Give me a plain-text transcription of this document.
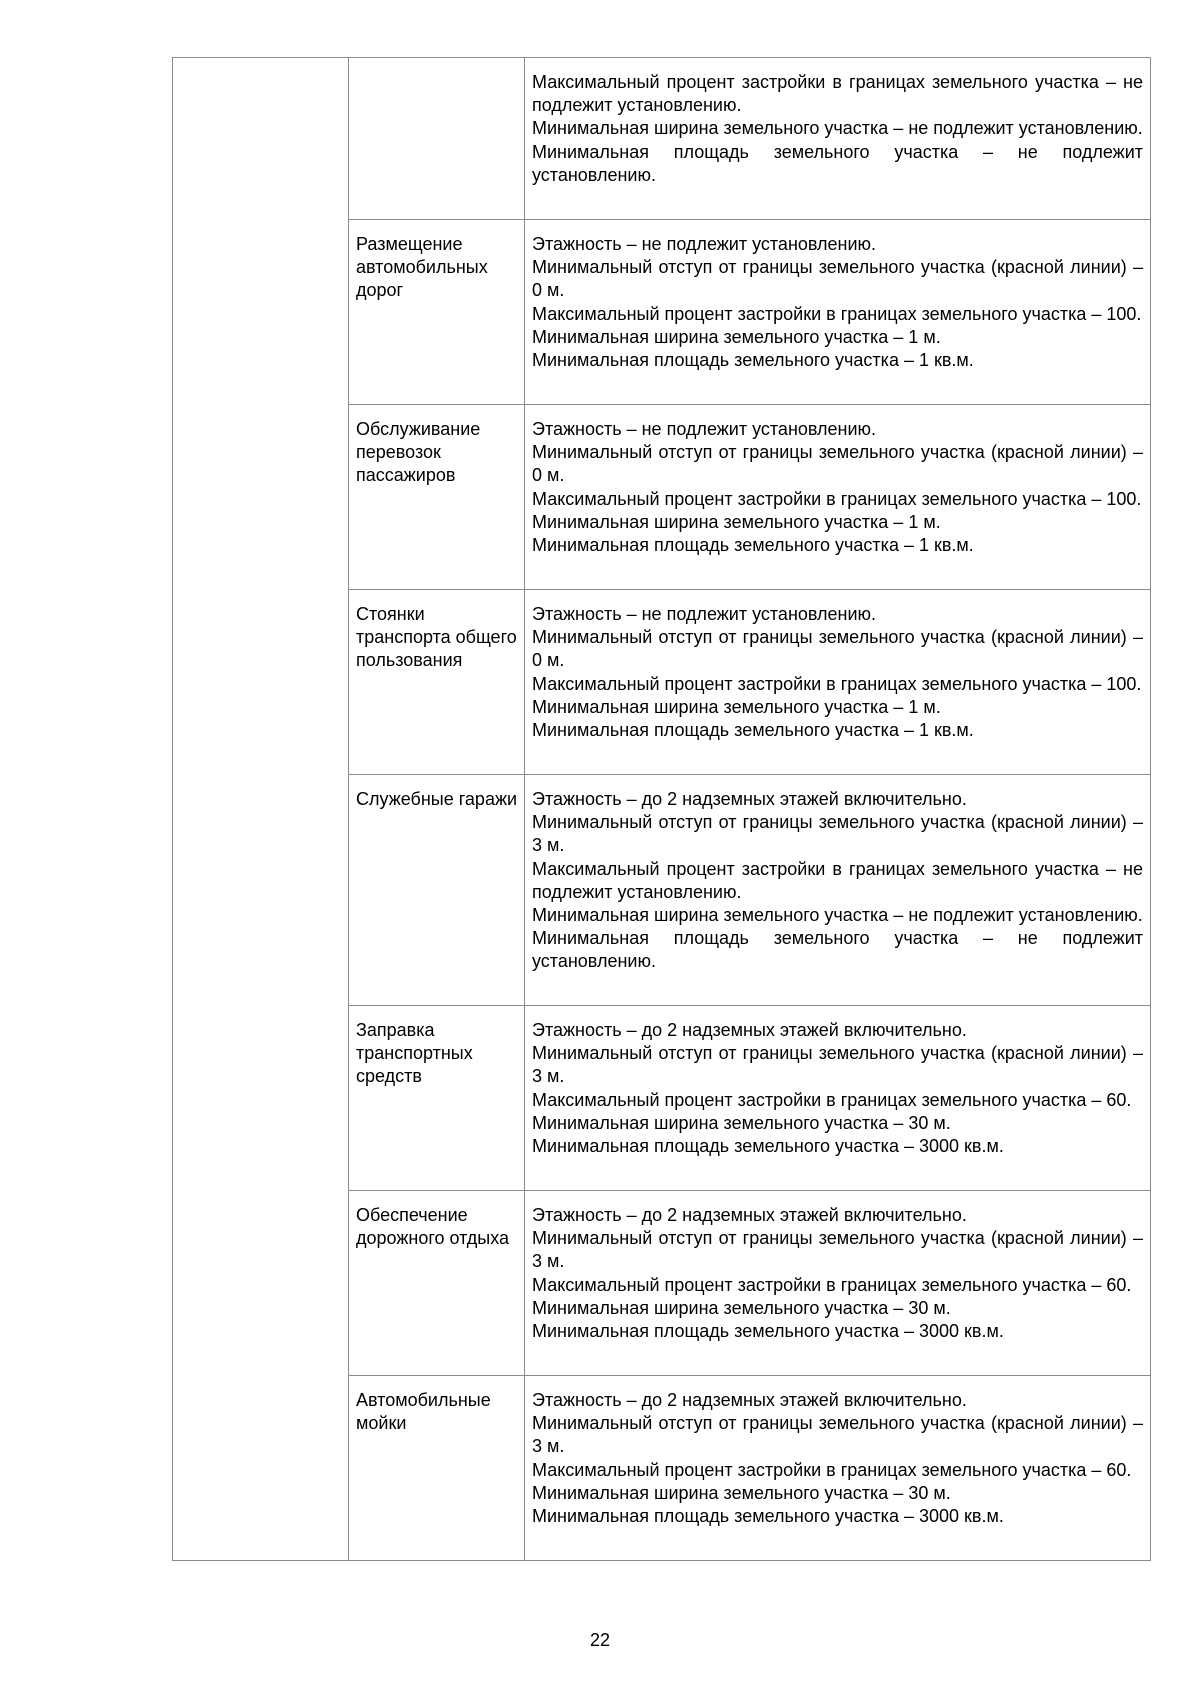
		Максимальный процент застройки в границах земельного участка – не подлежит установлению.

Минимальная ширина земельного участка – не подлежит установлению.

Минимальная площадь земельного участка – не подлежит установлению.

	Размещение автомобильных дорог	Этажность – не подлежит установлению.

Минимальный отступ от границы земельного участка (красной линии) – 0 м.

Максимальный процент застройки в границах земельного участка – 100.

Минимальная ширина земельного участка – 1 м.

Минимальная площадь земельного участка – 1 кв.м.

	Обслуживание перевозок пассажиров	Этажность – не подлежит установлению.

Минимальный отступ от границы земельного участка (красной линии) – 0 м.

Максимальный процент застройки в границах земельного участка – 100.

Минимальная ширина земельного участка – 1 м.

Минимальная площадь земельного участка – 1 кв.м.

	Стоянки транспорта общего пользования	Этажность – не подлежит установлению.

Минимальный отступ от границы земельного участка (красной линии) – 0 м.

Максимальный процент застройки в границах земельного участка – 100.

Минимальная ширина земельного участка – 1 м.

Минимальная площадь земельного участка – 1 кв.м.

	Служебные гаражи	Этажность – до 2 надземных этажей включительно.

Минимальный отступ от границы земельного участка (красной линии) – 3 м.

Максимальный процент застройки в границах земельного участка – не подлежит установлению.

Минимальная ширина земельного участка – не подлежит установлению.

Минимальная площадь земельного участка – не подлежит установлению.

	Заправка транспортных средств	Этажность – до 2 надземных этажей включительно.

Минимальный отступ от границы земельного участка (красной линии) – 3 м.

Максимальный процент застройки в границах земельного участка – 60.

Минимальная ширина земельного участка – 30 м.

Минимальная площадь земельного участка – 3000 кв.м.

	Обеспечение дорожного отдыха	Этажность – до 2 надземных этажей включительно.

Минимальный отступ от границы земельного участка (красной линии) – 3 м.

Максимальный процент застройки в границах земельного участка – 60.

Минимальная ширина земельного участка – 30 м.

Минимальная площадь земельного участка – 3000 кв.м.

	Автомобильные мойки	Этажность – до 2 надземных этажей включительно.

Минимальный отступ от границы земельного участка (красной линии) – 3 м.

Максимальный процент застройки в границах земельного участка – 60.

Минимальная ширина земельного участка – 30 м.

Минимальная площадь земельного участка – 3000 кв.м.

22
